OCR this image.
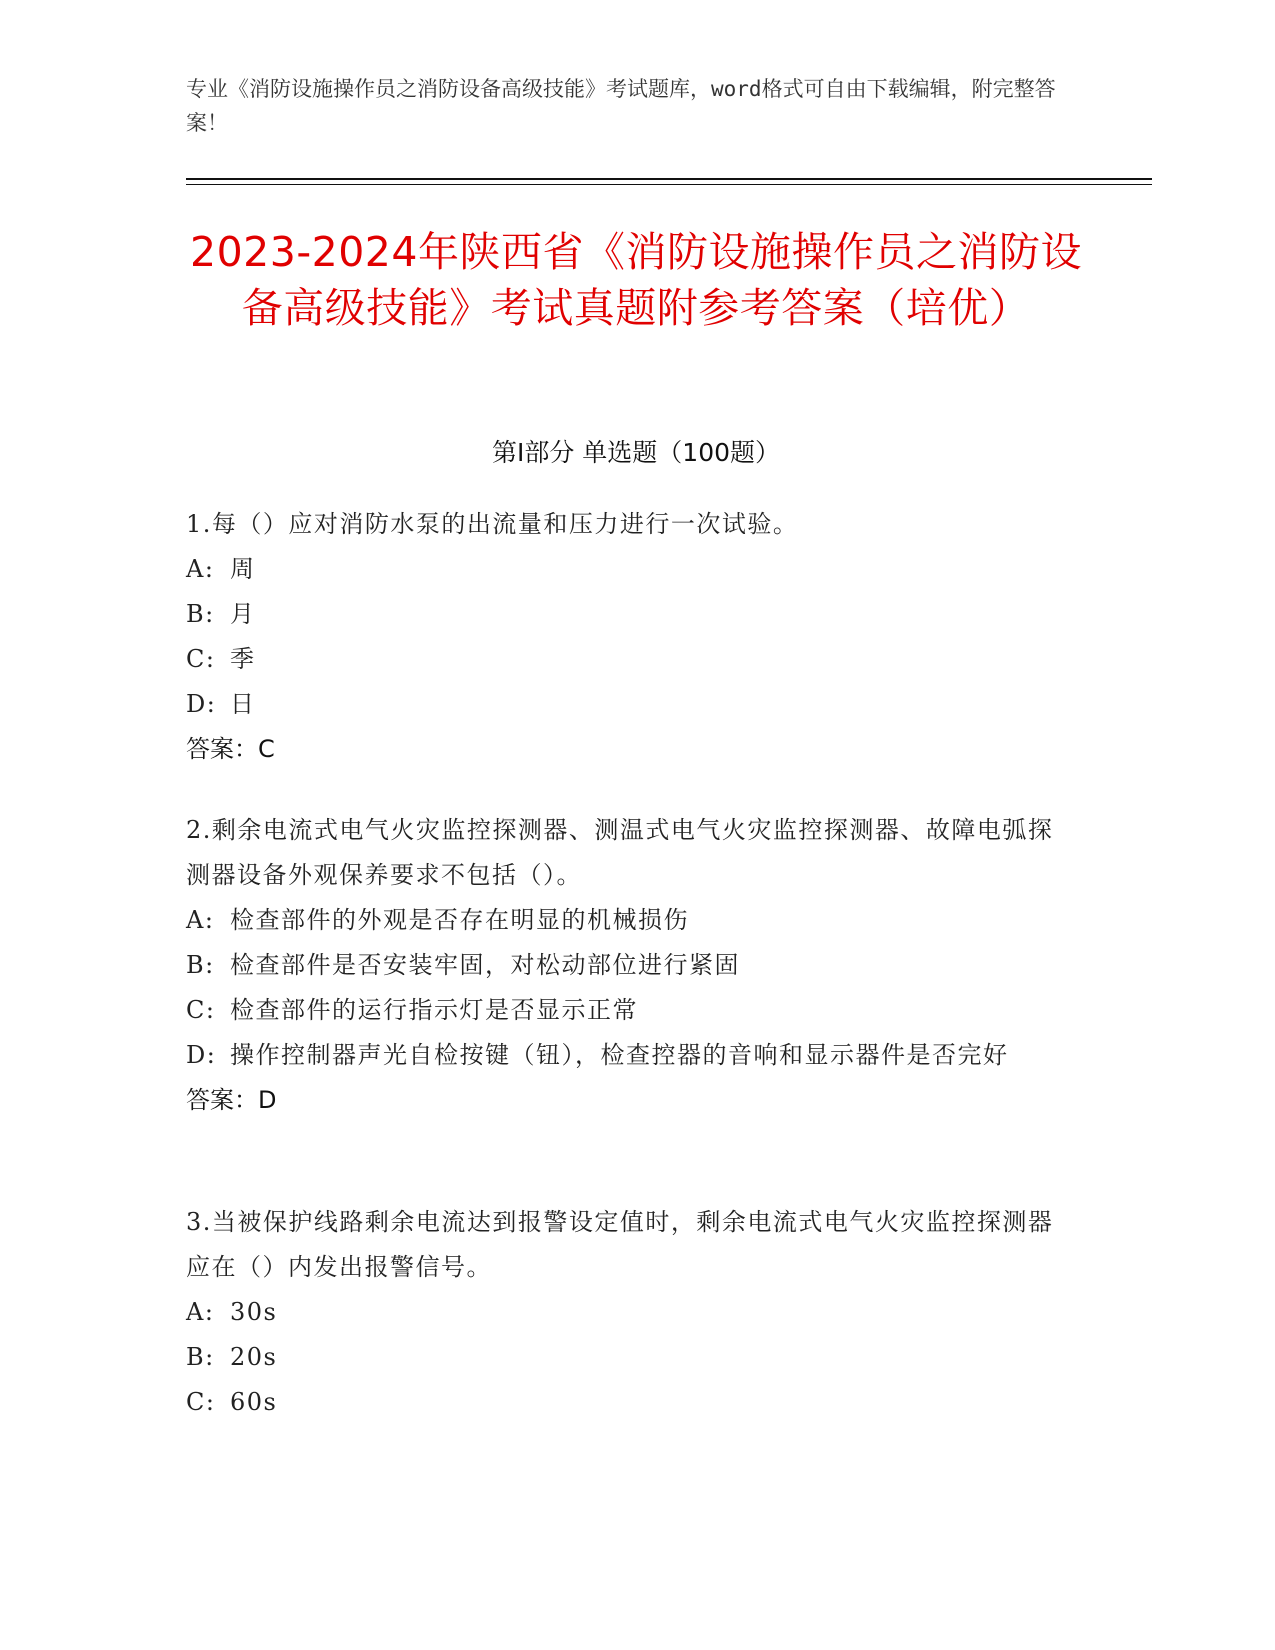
专业《消防设施操作员之消防设备高级技能》考试题库，word格式可自由下载编辑，附完整答案！
2023-2024年陕西省《消防设施操作员之消防设备高级技能》考试真题附参考答案（培优）
第I部分 单选题（100题）
1.每（）应对消防水泵的出流量和压力进行一次试验。
A: 周
B: 月
C: 季
D: 日
答案：C
2.剩余电流式电气火灾监控探测器、测温式电气火灾监控探测器、故障电弧探测器设备外观保养要求不包括（）。
A: 检查部件的外观是否存在明显的机械损伤
B: 检查部件是否安装牢固，对松动部位进行紧固
C: 检查部件的运行指示灯是否显示正常
D: 操作控制器声光自检按键（钮），检查控器的音响和显示器件是否完好
答案：D
3.当被保护线路剩余电流达到报警设定值时，剩余电流式电气火灾监控探测器应在（）内发出报警信号。
A: 30s
B: 20s
C: 60s
